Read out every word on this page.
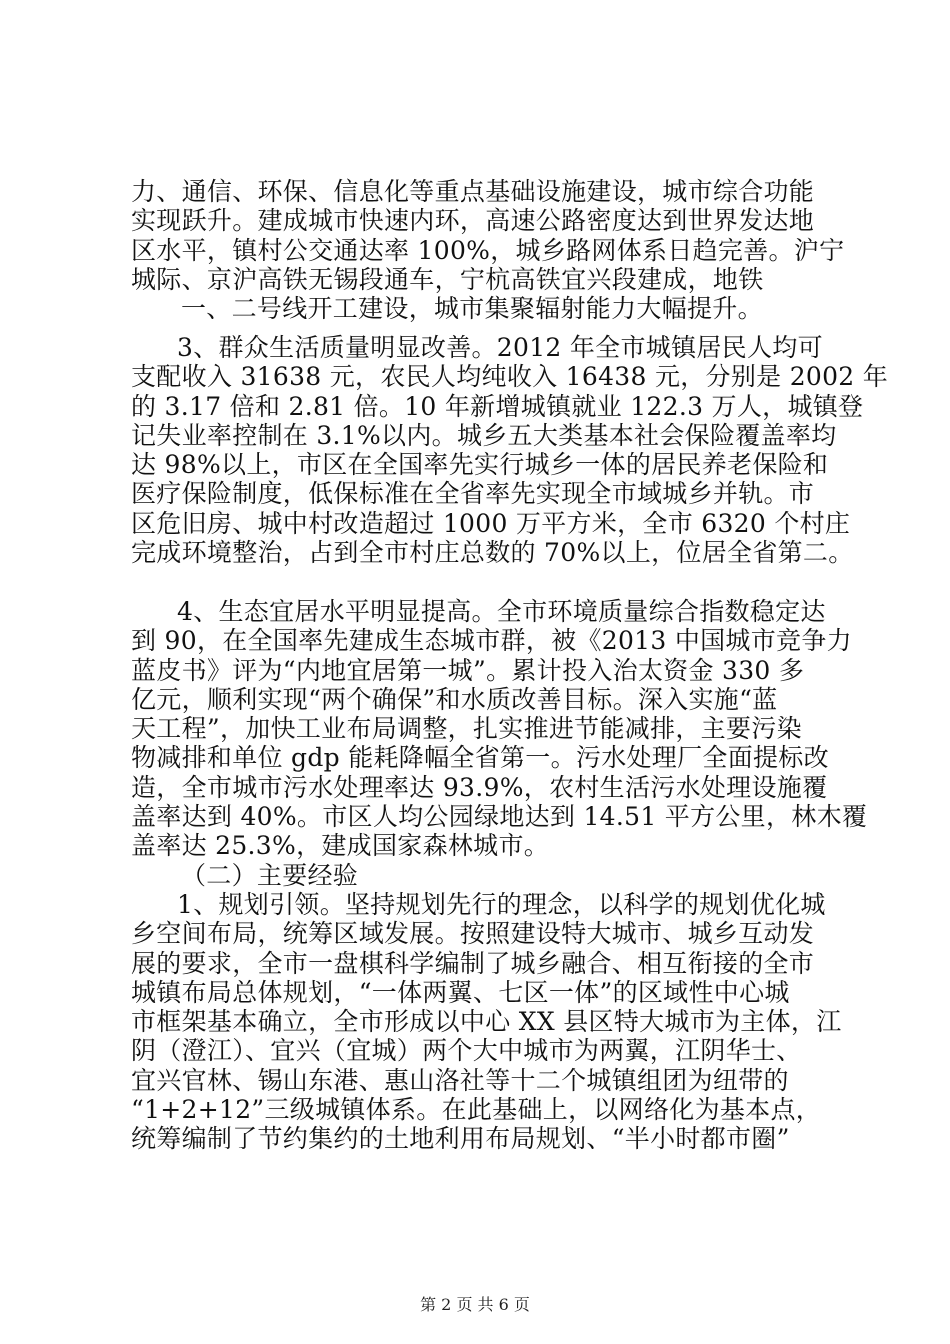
力、通信、环保、信息化等重点基础设施建设，城市综合功能
实现跃升。建成城市快速内环，高速公路密度达到世界发达地
区水平，镇村公交通达率 100%，城乡路网体系日趋完善。沪宁
城际、京沪高铁无锡段通车，宁杭高铁宜兴段建成，地铁
一、二号线开工建设，城市集聚辐射能力大幅提升。
3、群众生活质量明显改善。2012 年全市城镇居民人均可
支配收入 31638 元，农民人均纯收入 16438 元，分别是 2002 年
的 3.17 倍和 2.81 倍。10 年新增城镇就业 122.3 万人，城镇登
记失业率控制在 3.1%以内。城乡五大类基本社会保险覆盖率均
达 98%以上，市区在全国率先实行城乡一体的居民养老保险和
医疗保险制度，低保标准在全省率先实现全市域城乡并轨。市
区危旧房、城中村改造超过 1000 万平方米，全市 6320 个村庄
完成环境整治，占到全市村庄总数的 70%以上，位居全省第二。
4、生态宜居水平明显提高。全市环境质量综合指数稳定达
到 90，在全国率先建成生态城市群，被《2013 中国城市竞争力
蓝皮书》评为“内地宜居第一城”。累计投入治太资金 330 多
亿元，顺利实现“两个确保”和水质改善目标。深入实施“蓝
天工程”，加快工业布局调整，扎实推进节能减排，主要污染
物减排和单位 gdp 能耗降幅全省第一。污水处理厂全面提标改
造，全市城市污水处理率达 93.9%，农村生活污水处理设施覆
盖率达到 40%。市区人均公园绿地达到 14.51 平方公里，林木覆
盖率达 25.3%，建成国家森林城市。
（二）主要经验
1、规划引领。坚持规划先行的理念，以科学的规划优化城
乡空间布局，统筹区域发展。按照建设特大城市、城乡互动发
展的要求，全市一盘棋科学编制了城乡融合、相互衔接的全市
城镇布局总体规划，“一体两翼、七区一体”的区域性中心城
市框架基本确立，全市形成以中心 XX 县区特大城市为主体，江
阴（澄江）、宜兴（宜城）两个大中城市为两翼，江阴华士、
宜兴官林、锡山东港、惠山洛社等十二个城镇组团为纽带的
“1+2+12”三级城镇体系。在此基础上，以网络化为基本点，
统筹编制了节约集约的土地利用布局规划、“半小时都市圈”
第 2 页 共 6 页
